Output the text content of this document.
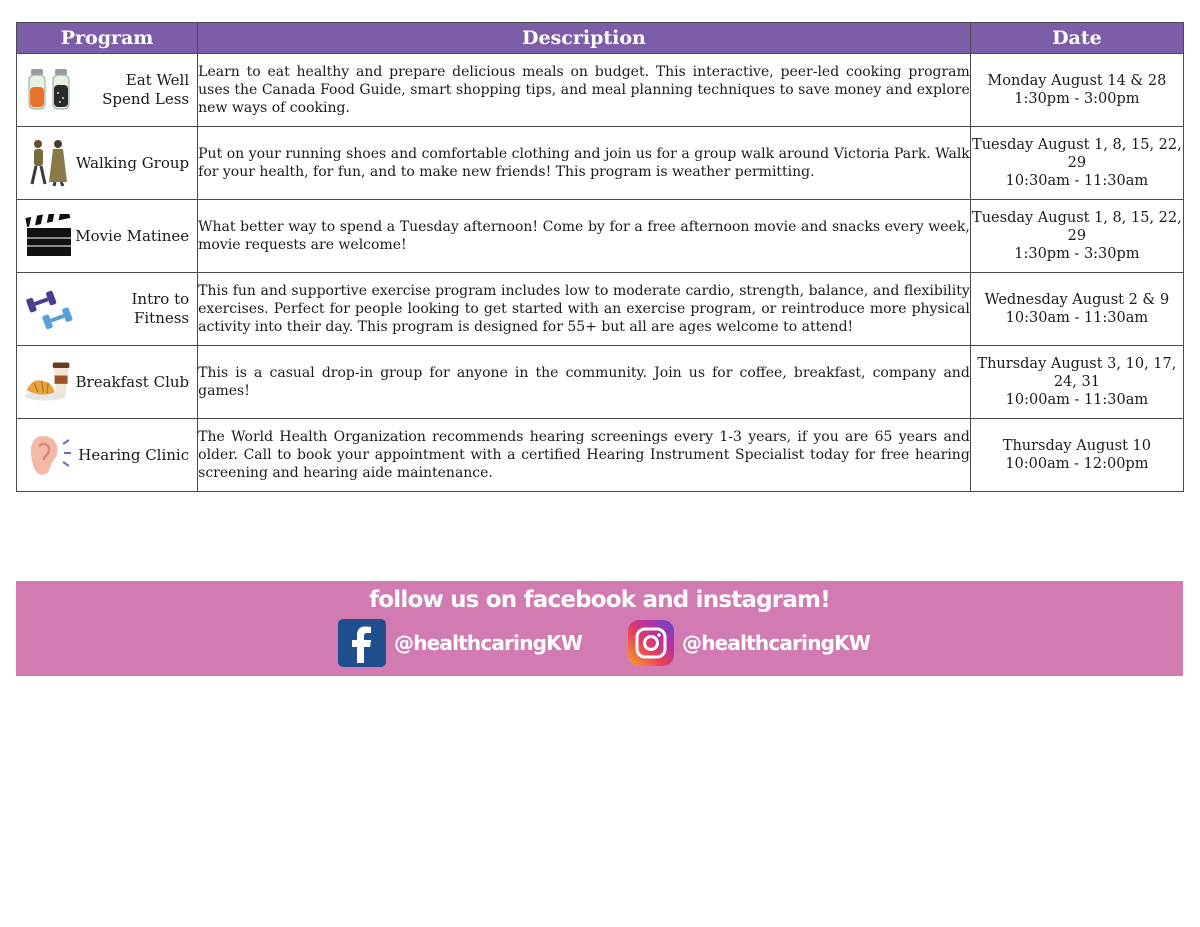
Program	Description	Date

Eat Well Spend Less	Learn to eat healthy and prepare delicious meals on budget. This interactive, peer-led cooking program uses the Canada Food Guide, smart shopping tips, and meal planning techniques to save money and explore new ways of cooking.	Monday August 14 & 28
1:30pm - 3:00pm

Walking Group	Put on your running shoes and comfortable clothing and join us for a group walk around Victoria Park. Walk for your health, for fun, and to make new friends! This program is weather permitting.	Tuesday August 1, 8, 15, 22, 29
10:30am - 11:30am

Movie Matinee	What better way to spend a Tuesday afternoon! Come by for a free afternoon movie and snacks every week, movie requests are welcome!	Tuesday August 1, 8, 15, 22, 29
1:30pm - 3:30pm

Intro to Fitness	This fun and supportive exercise program includes low to moderate cardio, strength, balance, and flexibility exercises. Perfect for people looking to get started with an exercise program, or reintroduce more physical activity into their day. This program is designed for 55+ but all are ages welcome to attend!	Wednesday August 2 & 9
10:30am - 11:30am

Breakfast Club	This is a casual drop-in group for anyone in the community. Join us for coffee, breakfast, company and games!	Thursday August 3, 10, 17, 24, 31
10:00am - 11:30am

Hearing Clinic	The World Health Organization recommends hearing screenings every 1-3 years, if you are 65 years and older. Call to book your appointment with a certified Hearing Instrument Specialist today for free hearing screening and hearing aide maintenance.	Thursday August 10
10:00am - 12:00pm
follow us on facebook and instagram!
@healthcaringKW	@healthcaringKW
